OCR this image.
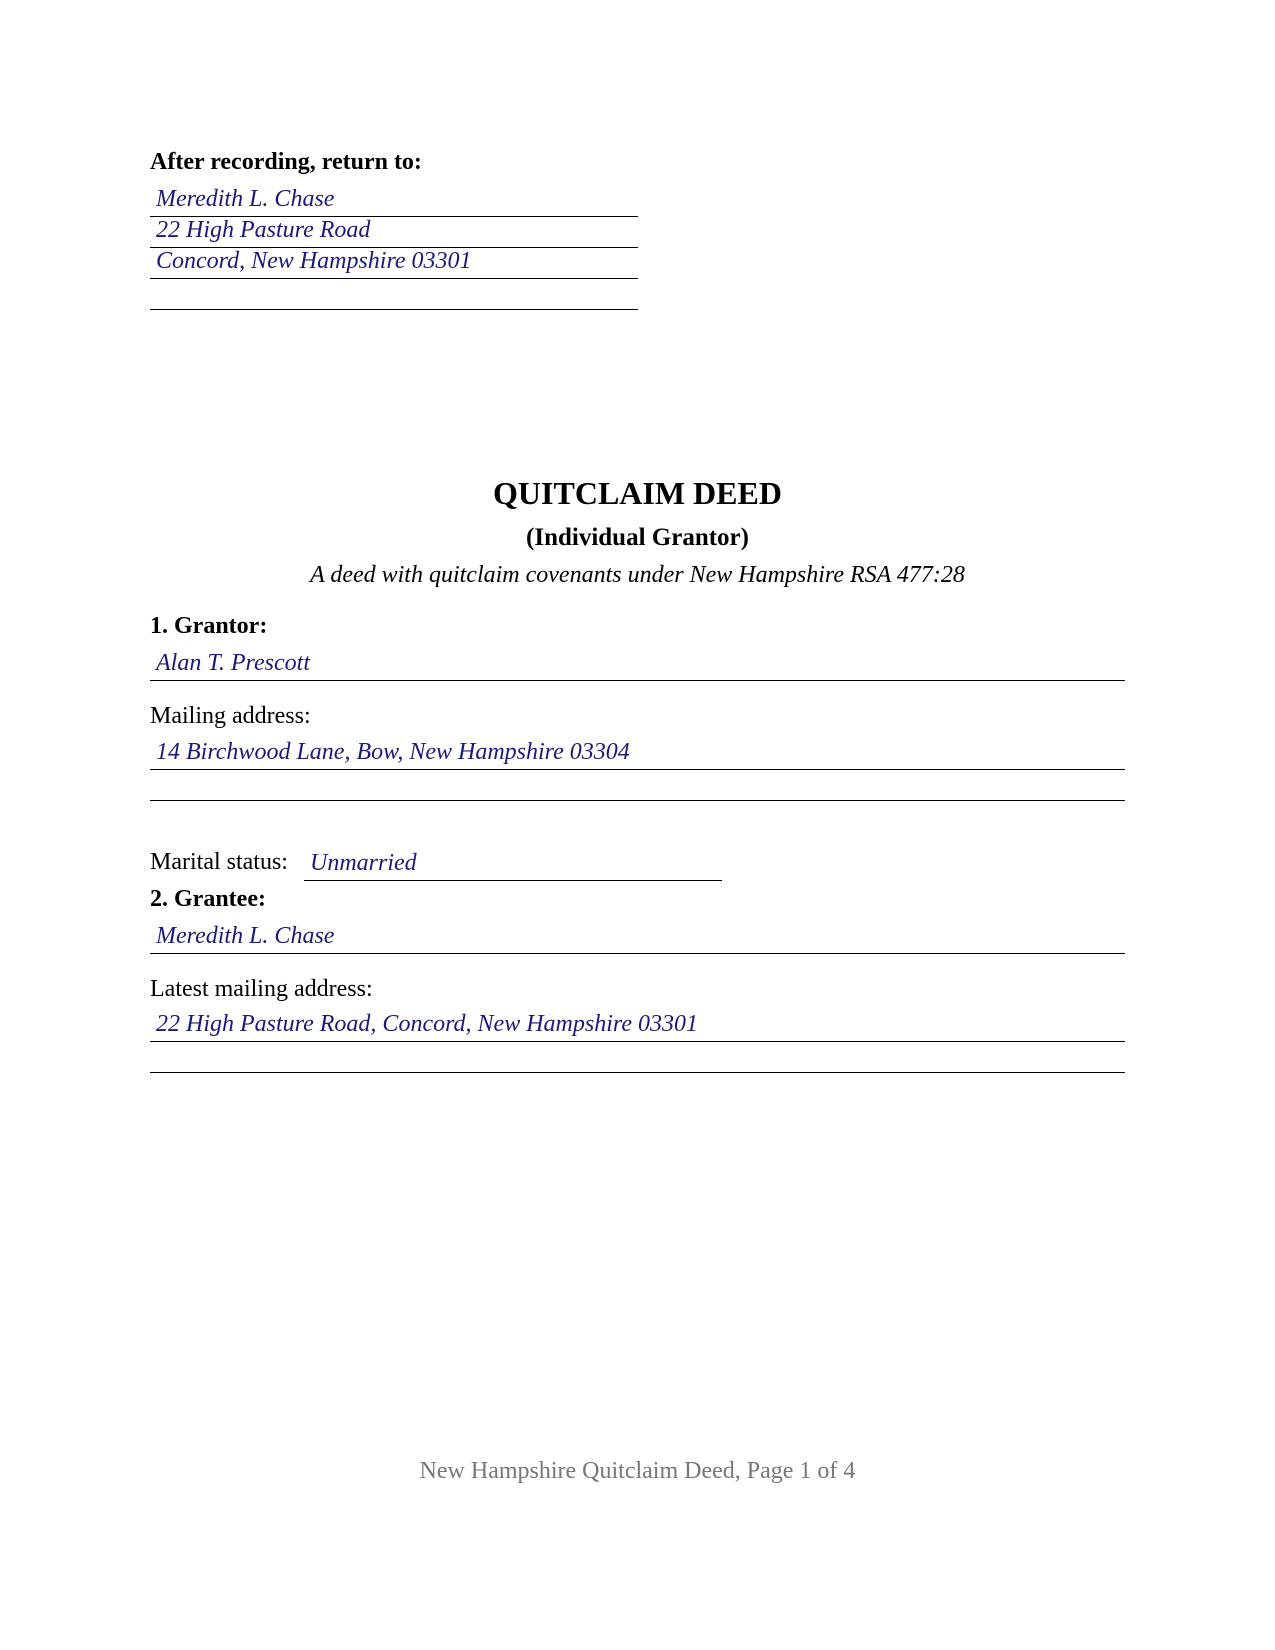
After recording, return to:
Meredith L. Chase
22 High Pasture Road
Concord, New Hampshire 03301
QUITCLAIM DEED
(Individual Grantor)
A deed with quitclaim covenants under New Hampshire RSA 477:28
1. Grantor:
Alan T. Prescott
Mailing address:
14 Birchwood Lane, Bow, New Hampshire 03304
Marital status: Unmarried
2. Grantee:
Meredith L. Chase
Latest mailing address:
22 High Pasture Road, Concord, New Hampshire 03301
New Hampshire Quitclaim Deed, Page 1 of 4
